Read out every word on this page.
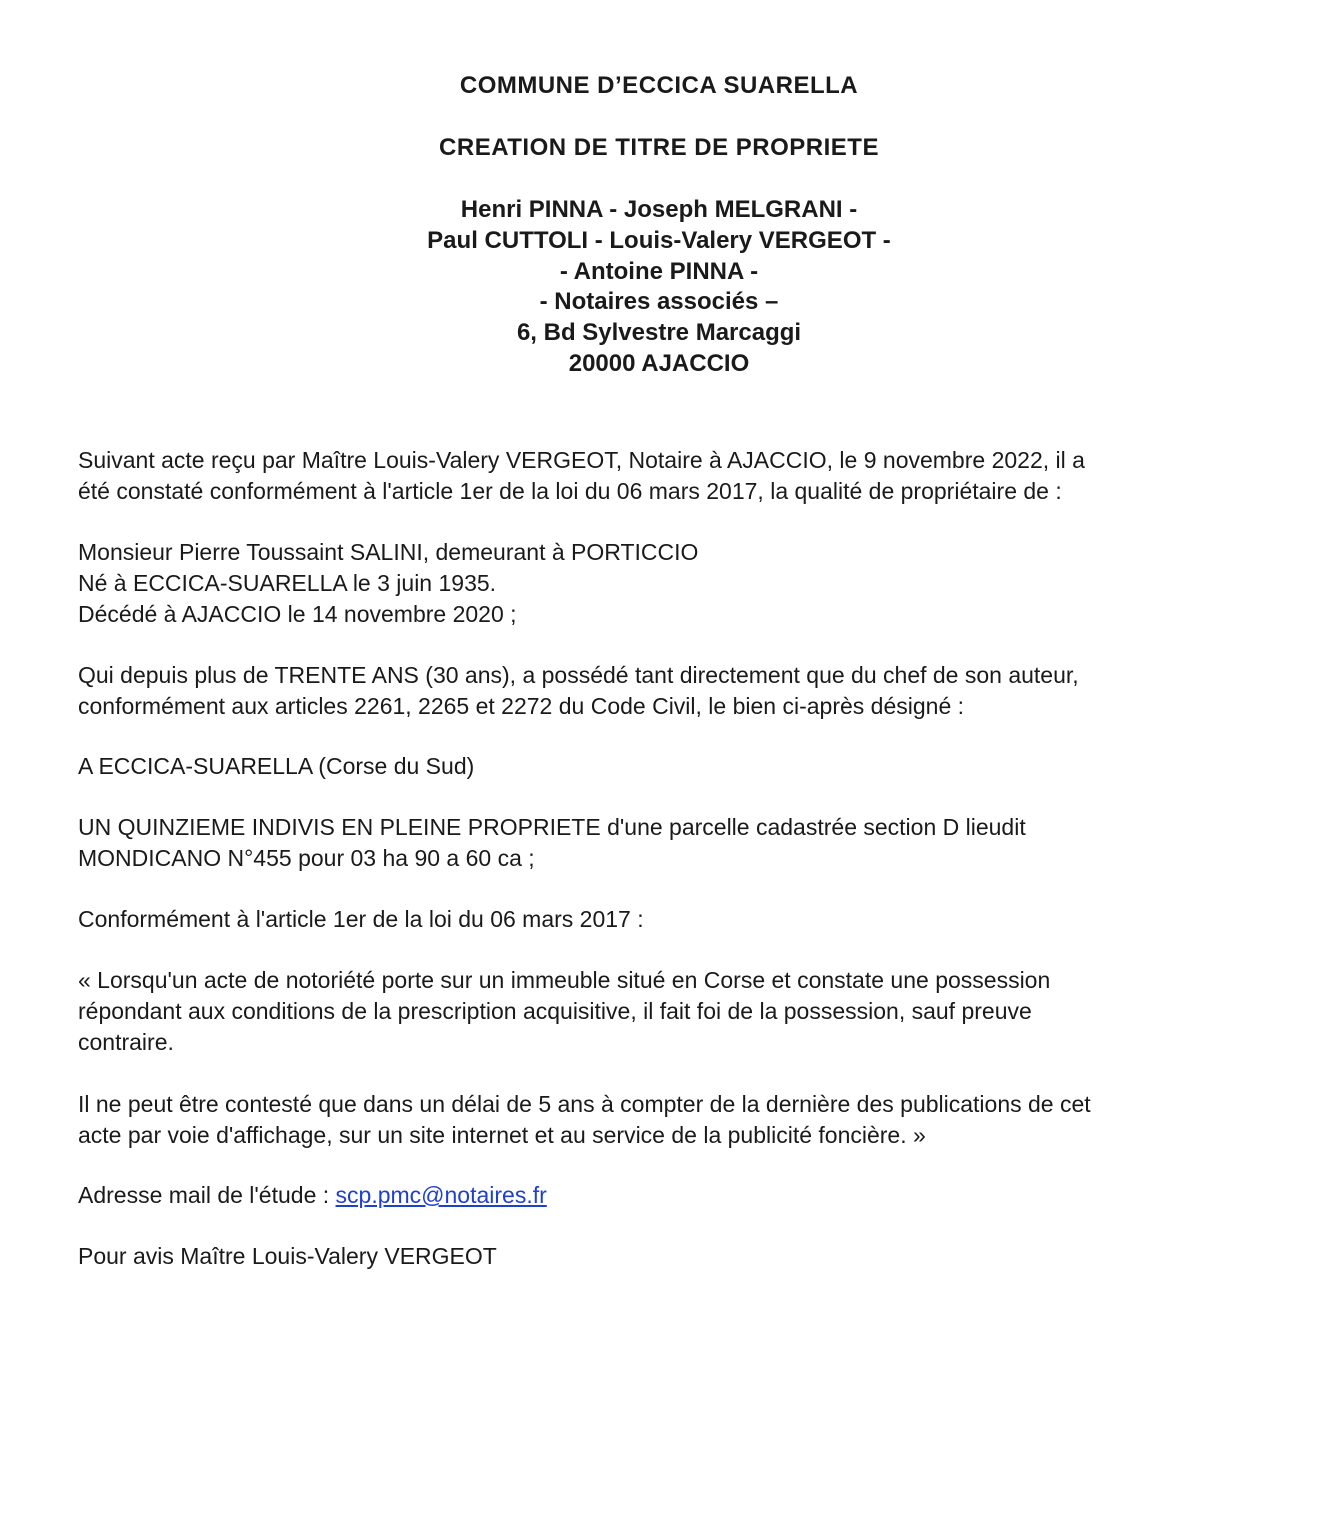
COMMUNE D’ECCICA SUARELLA
CREATION DE TITRE DE PROPRIETE
Henri PINNA - Joseph MELGRANI -
Paul CUTTOLI - Louis-Valery VERGEOT -
- Antoine PINNA -
- Notaires associés –
6, Bd Sylvestre Marcaggi
20000 AJACCIO
Suivant acte reçu par Maître Louis-Valery VERGEOT, Notaire à AJACCIO, le 9 novembre 2022, il a
été constaté conformément à l'article 1er de la loi du 06 mars 2017, la qualité de propriétaire de :
Monsieur Pierre Toussaint SALINI, demeurant à PORTICCIO
Né à ECCICA-SUARELLA le 3 juin 1935.
Décédé à AJACCIO le 14 novembre 2020 ;
Qui depuis plus de TRENTE ANS (30 ans), a possédé tant directement que du chef de son auteur,
conformément aux articles 2261, 2265 et 2272 du Code Civil, le bien ci-après désigné :
A ECCICA-SUARELLA (Corse du Sud)
UN QUINZIEME INDIVIS EN PLEINE PROPRIETE d'une parcelle cadastrée section D lieudit
MONDICANO N°455 pour 03 ha 90 a 60 ca ;
Conformément à l'article 1er de la loi du 06 mars 2017 :
« Lorsqu'un acte de notoriété porte sur un immeuble situé en Corse et constate une possession
répondant aux conditions de la prescription acquisitive, il fait foi de la possession, sauf preuve
contraire.
Il ne peut être contesté que dans un délai de 5 ans à compter de la dernière des publications de cet
acte par voie d'affichage, sur un site internet et au service de la publicité foncière. »
Adresse mail de l'étude : scp.pmc@notaires.fr
Pour avis Maître Louis-Valery VERGEOT
